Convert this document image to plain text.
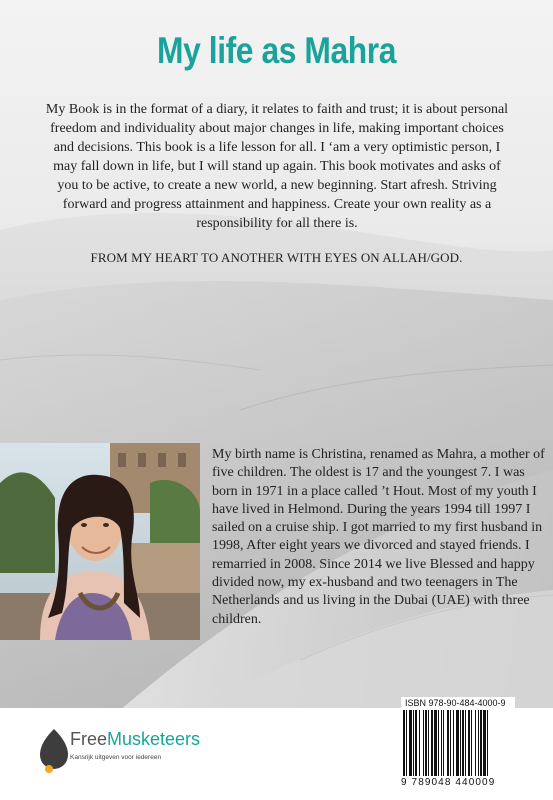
My life as Mahra
My Book is in the format of a diary, it relates to faith and trust; it is about personal freedom and individuality about major changes in life, making important choices and decisions. This book is a life lesson for all. I ‘am a very optimistic person, I may fall down in life, but I will stand up again. This book motivates and asks of you to be active, to create a new world, a new beginning. Start afresh. Striving forward and progress attainment and happiness. Create your own reality as a responsibility for all there is.
FROM MY HEART TO ANOTHER WITH EYES ON ALLAH/GOD.
My birth name is Christina, renamed as Mahra, a mother of five children. The oldest is 17 and the youngest 7. I was born in 1971 in a place called ’t Hout. Most of my youth I have lived in Helmond. During the years 1994 till 1997 I sailed on a cruise ship. I got married to my first husband in 1998, After eight years we divorced and stayed friends. I remarried in 2008. Since 2014 we live Blessed and happy divided now, my ex-husband and two teenagers in The Netherlands and us living in the Dubai (UAE) with three children.
FreeMusketeers
Kansrijk uitgeven voor iedereen
ISBN 978-90-484-4000-9
9 789048 440009
